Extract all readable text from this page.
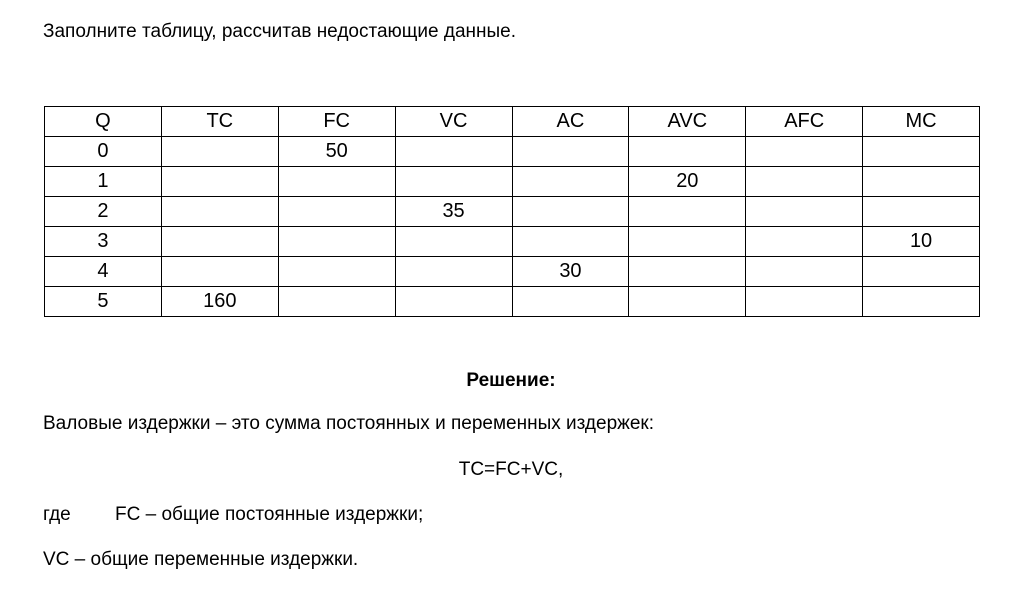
Заполните таблицу, рассчитав недостающие данные.
Q	TC	FC	VC	AC	AVC	AFC	MC
0		50					
1					20		
2			35				
3							10
4				30			
5	160						
Решение:
Валовые издержки – это сумма постоянных и переменных издержек:
TC=FC+VC,
где FC – общие постоянные издержки;
VC – общие переменные издержки.
